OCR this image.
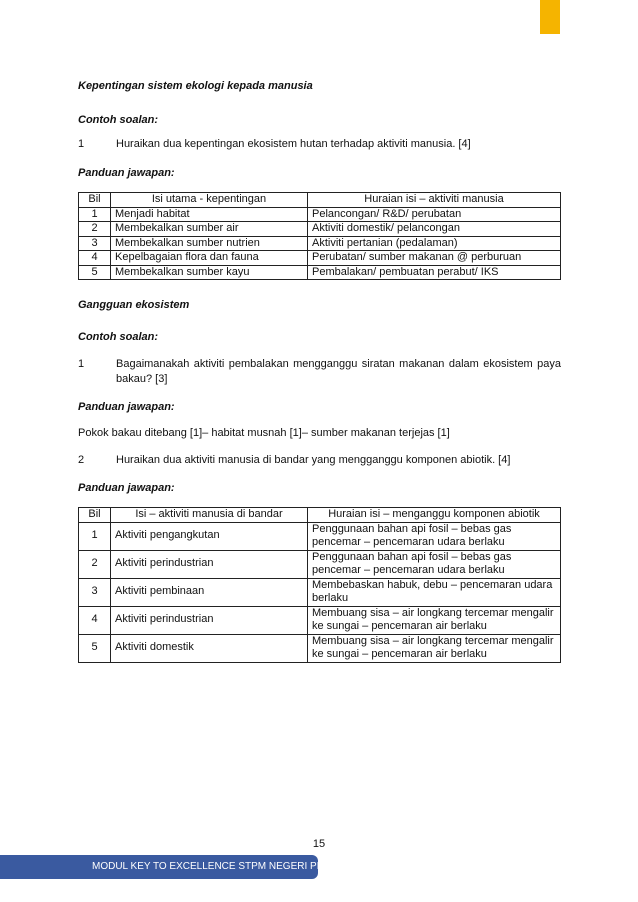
Kepentingan sistem ekologi kepada manusia

Contoh soalan:

1	Huraikan dua kepentingan ekosistem hutan terhadap aktiviti manusia. [4]

Panduan jawapan:

Bil	Isi utama - kepentingan	Huraian isi – aktiviti manusia
1	Menjadi habitat	Pelancongan/ R&D/ perubatan
2	Membekalkan sumber air	Aktiviti domestik/ pelancongan
3	Membekalkan sumber nutrien	Aktiviti pertanian (pedalaman)
4	Kepelbagaian flora dan fauna	Perubatan/ sumber makanan @ perburuan
5	Membekalkan sumber kayu	Pembalakan/ pembuatan perabut/ IKS

Gangguan ekosistem

Contoh soalan:

1	Bagaimanakah aktiviti pembalakan mengganggu siratan makanan dalam ekosistem paya bakau? [3]

Panduan jawapan:

Pokok bakau ditebang [1]– habitat musnah [1]– sumber makanan terjejas [1]
2	Huraikan dua aktiviti manusia di bandar yang mengganggu komponen abiotik. [4]

Panduan jawapan:

Bil	Isi – aktiviti manusia di bandar	Huraian isi – menganggu komponen abiotik
1	Aktiviti pengangkutan	Penggunaan bahan api fosil – bebas gas pencemar – pencemaran udara berlaku
2	Aktiviti perindustrian	Penggunaan bahan api fosil – bebas gas pencemar – pencemaran udara berlaku
3	Aktiviti pembinaan	Membebaskan habuk, debu – pencemaran udara berlaku
4	Aktiviti perindustrian	Membuang sisa – air longkang tercemar mengalir ke sungai – pencemaran air berlaku
5	Aktiviti domestik	Membuang sisa – air longkang tercemar mengalir ke sungai – pencemaran air berlaku
15
MODUL KEY TO EXCELLENCE STPM NEGERI PERAK
